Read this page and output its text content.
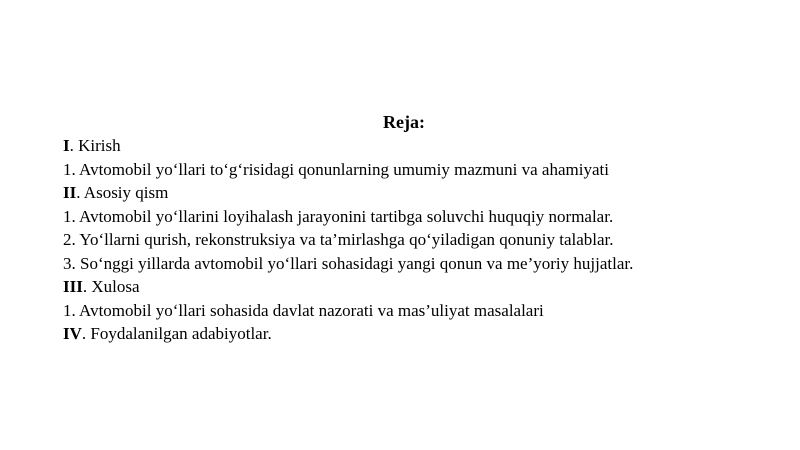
Reja:
I. Kirish
1. Avtomobil yo‘llari to‘g‘risidagi qonunlarning umumiy mazmuni va ahamiyati
II. Asosiy qism
1. Avtomobil yo‘llarini loyihalash jarayonini tartibga soluvchi huquqiy normalar.
2. Yo‘llarni qurish, rekonstruksiya va ta’mirlashga qo‘yiladigan qonuniy talablar.
3. So‘nggi yillarda avtomobil yo‘llari sohasidagi yangi qonun va me’yoriy hujjatlar.
III. Xulosa
1. Avtomobil yo‘llari sohasida davlat nazorati va mas’uliyat masalalari
IV. Foydalanilgan adabiyotlar.
